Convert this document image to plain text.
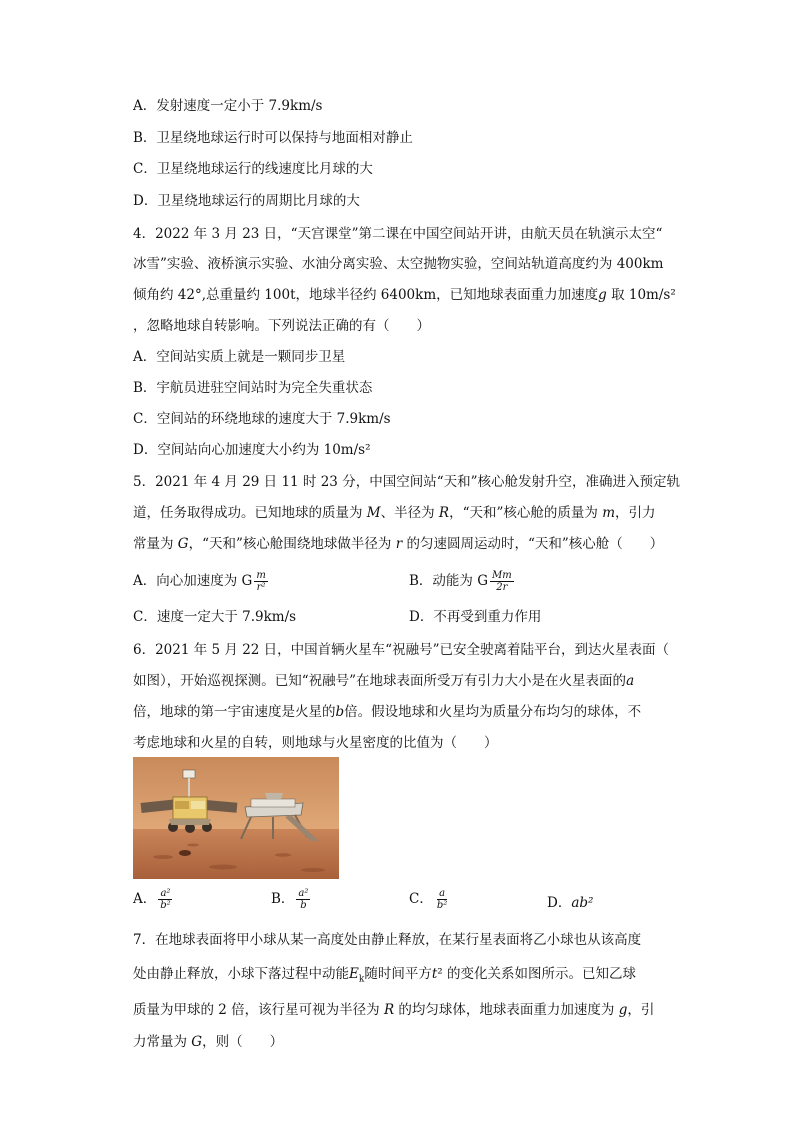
A．发射速度一定小于 7.9km/s
B．卫星绕地球运行时可以保持与地面相对静止
C．卫星绕地球运行的线速度比月球的大
D．卫星绕地球运行的周期比月球的大
4．2022 年 3 月 23 日，“天宫课堂”第二课在中国空间站开讲，由航天员在轨演示太空“
冰雪”实验、液桥演示实验、水油分离实验、太空抛物实验，空间站轨道高度约为 400km
倾角约 42°,总重量约 100t，地球半径约 6400km，已知地球表面重力加速度g 取 10m/s²
，忽略地球自转影响。下列说法正确的有（　　）
A．空间站实质上就是一颗同步卫星
B．宇航员进驻空间站时为完全失重状态
C．空间站的环绕地球的速度大于 7.9km/s
D．空间站向心加速度大小约为 10m/s²
5．2021 年 4 月 29 日 11 时 23 分，中国空间站“天和”核心舱发射升空，准确进入预定轨
道，任务取得成功。已知地球的质量为 M、半径为 R，“天和”核心舱的质量为 m，引力
常量为 G，“天和”核心舱围绕地球做半径为 r 的匀速圆周运动时，“天和”核心舱（　　）
A．向心加速度为 G $\frac{m}{\text{r²}}$	B．动能为 G $\frac{Mm}{2r}$
C．速度一定大于 7.9km/s	D．不再受到重力作用
6．2021 年 5 月 22 日，中国首辆火星车“祝融号”已安全驶离着陆平台，到达火星表面（
如图），开始巡视探测。已知“祝融号”在地球表面所受万有引力大小是在火星表面的a
倍，地球的第一宇宙速度是火星的b倍。假设地球和火星均为质量分布均匀的球体，不
考虑地球和火星的自转，则地球与火星密度的比值为（　　）
A． $\frac{\text{a²}}{\text{b²}}$	B． $\frac{\text{a²}}{b}$	C． $\frac{a}{\text{b²}}$	D．ab²
7．在地球表面将甲小球从某一高度处由静止释放，在某行星表面将乙小球也从该高度
处由静止释放，小球下落过程中动能$E_k$随时间平方t² 的变化关系如图所示。已知乙球
质量为甲球的 2 倍，该行星可视为半径为 R 的均匀球体，地球表面重力加速度为 g，引
力常量为 G，则（　　）
